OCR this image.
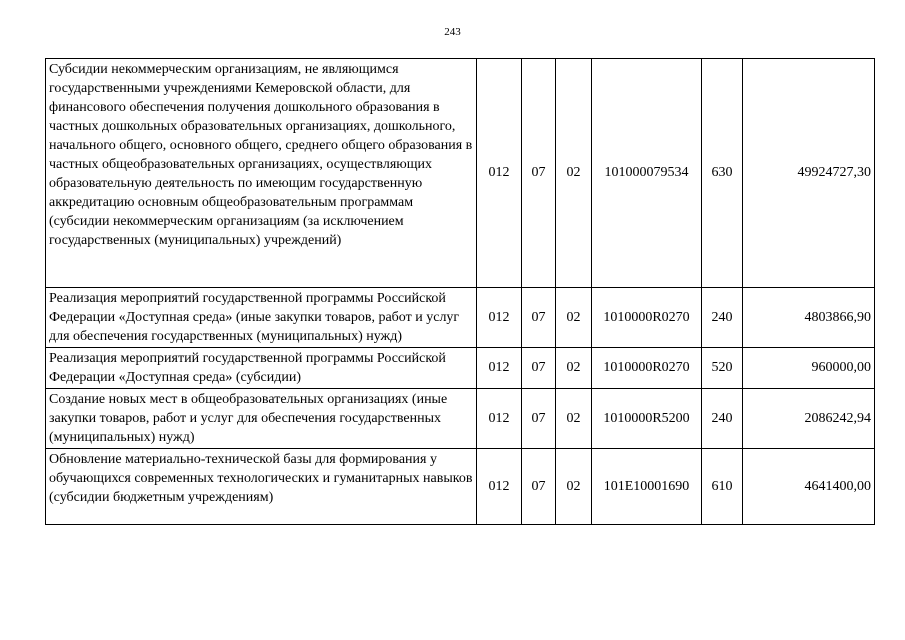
243
Субсидии некоммерческим организациям, не являющимся государственными учреждениями Кемеровской области, для финансового обеспечения получения дошкольного образования в частных дошкольных образовательных организациях, дошкольного, начального общего, основного общего, среднего общего образования в частных общеобразовательных организациях, осуществляющих образовательную деятельность по имеющим государственную аккредитацию основным общеобразовательным программам (субсидии некоммерческим организациям (за исключением государственных (муниципальных) учреждений)	012	07	02	101000079534	630	49924727,30
Реализация мероприятий государственной программы Российской Федерации «Доступная среда» (иные закупки товаров, работ и услуг для обеспечения государственных (муниципальных) нужд)	012	07	02	1010000R0270	240	4803866,90
Реализация мероприятий государственной программы Российской Федерации «Доступная среда» (субсидии)	012	07	02	1010000R0270	520	960000,00
Создание новых мест в общеобразовательных организациях (иные закупки товаров, работ и услуг для обеспечения государственных (муниципальных) нужд)	012	07	02	1010000R5200	240	2086242,94
Обновление материально-технической базы для формирования у обучающихся современных технологических и гуманитарных навыков (субсидии бюджетным учреждениям)	012	07	02	101E10001690	610	4641400,00
